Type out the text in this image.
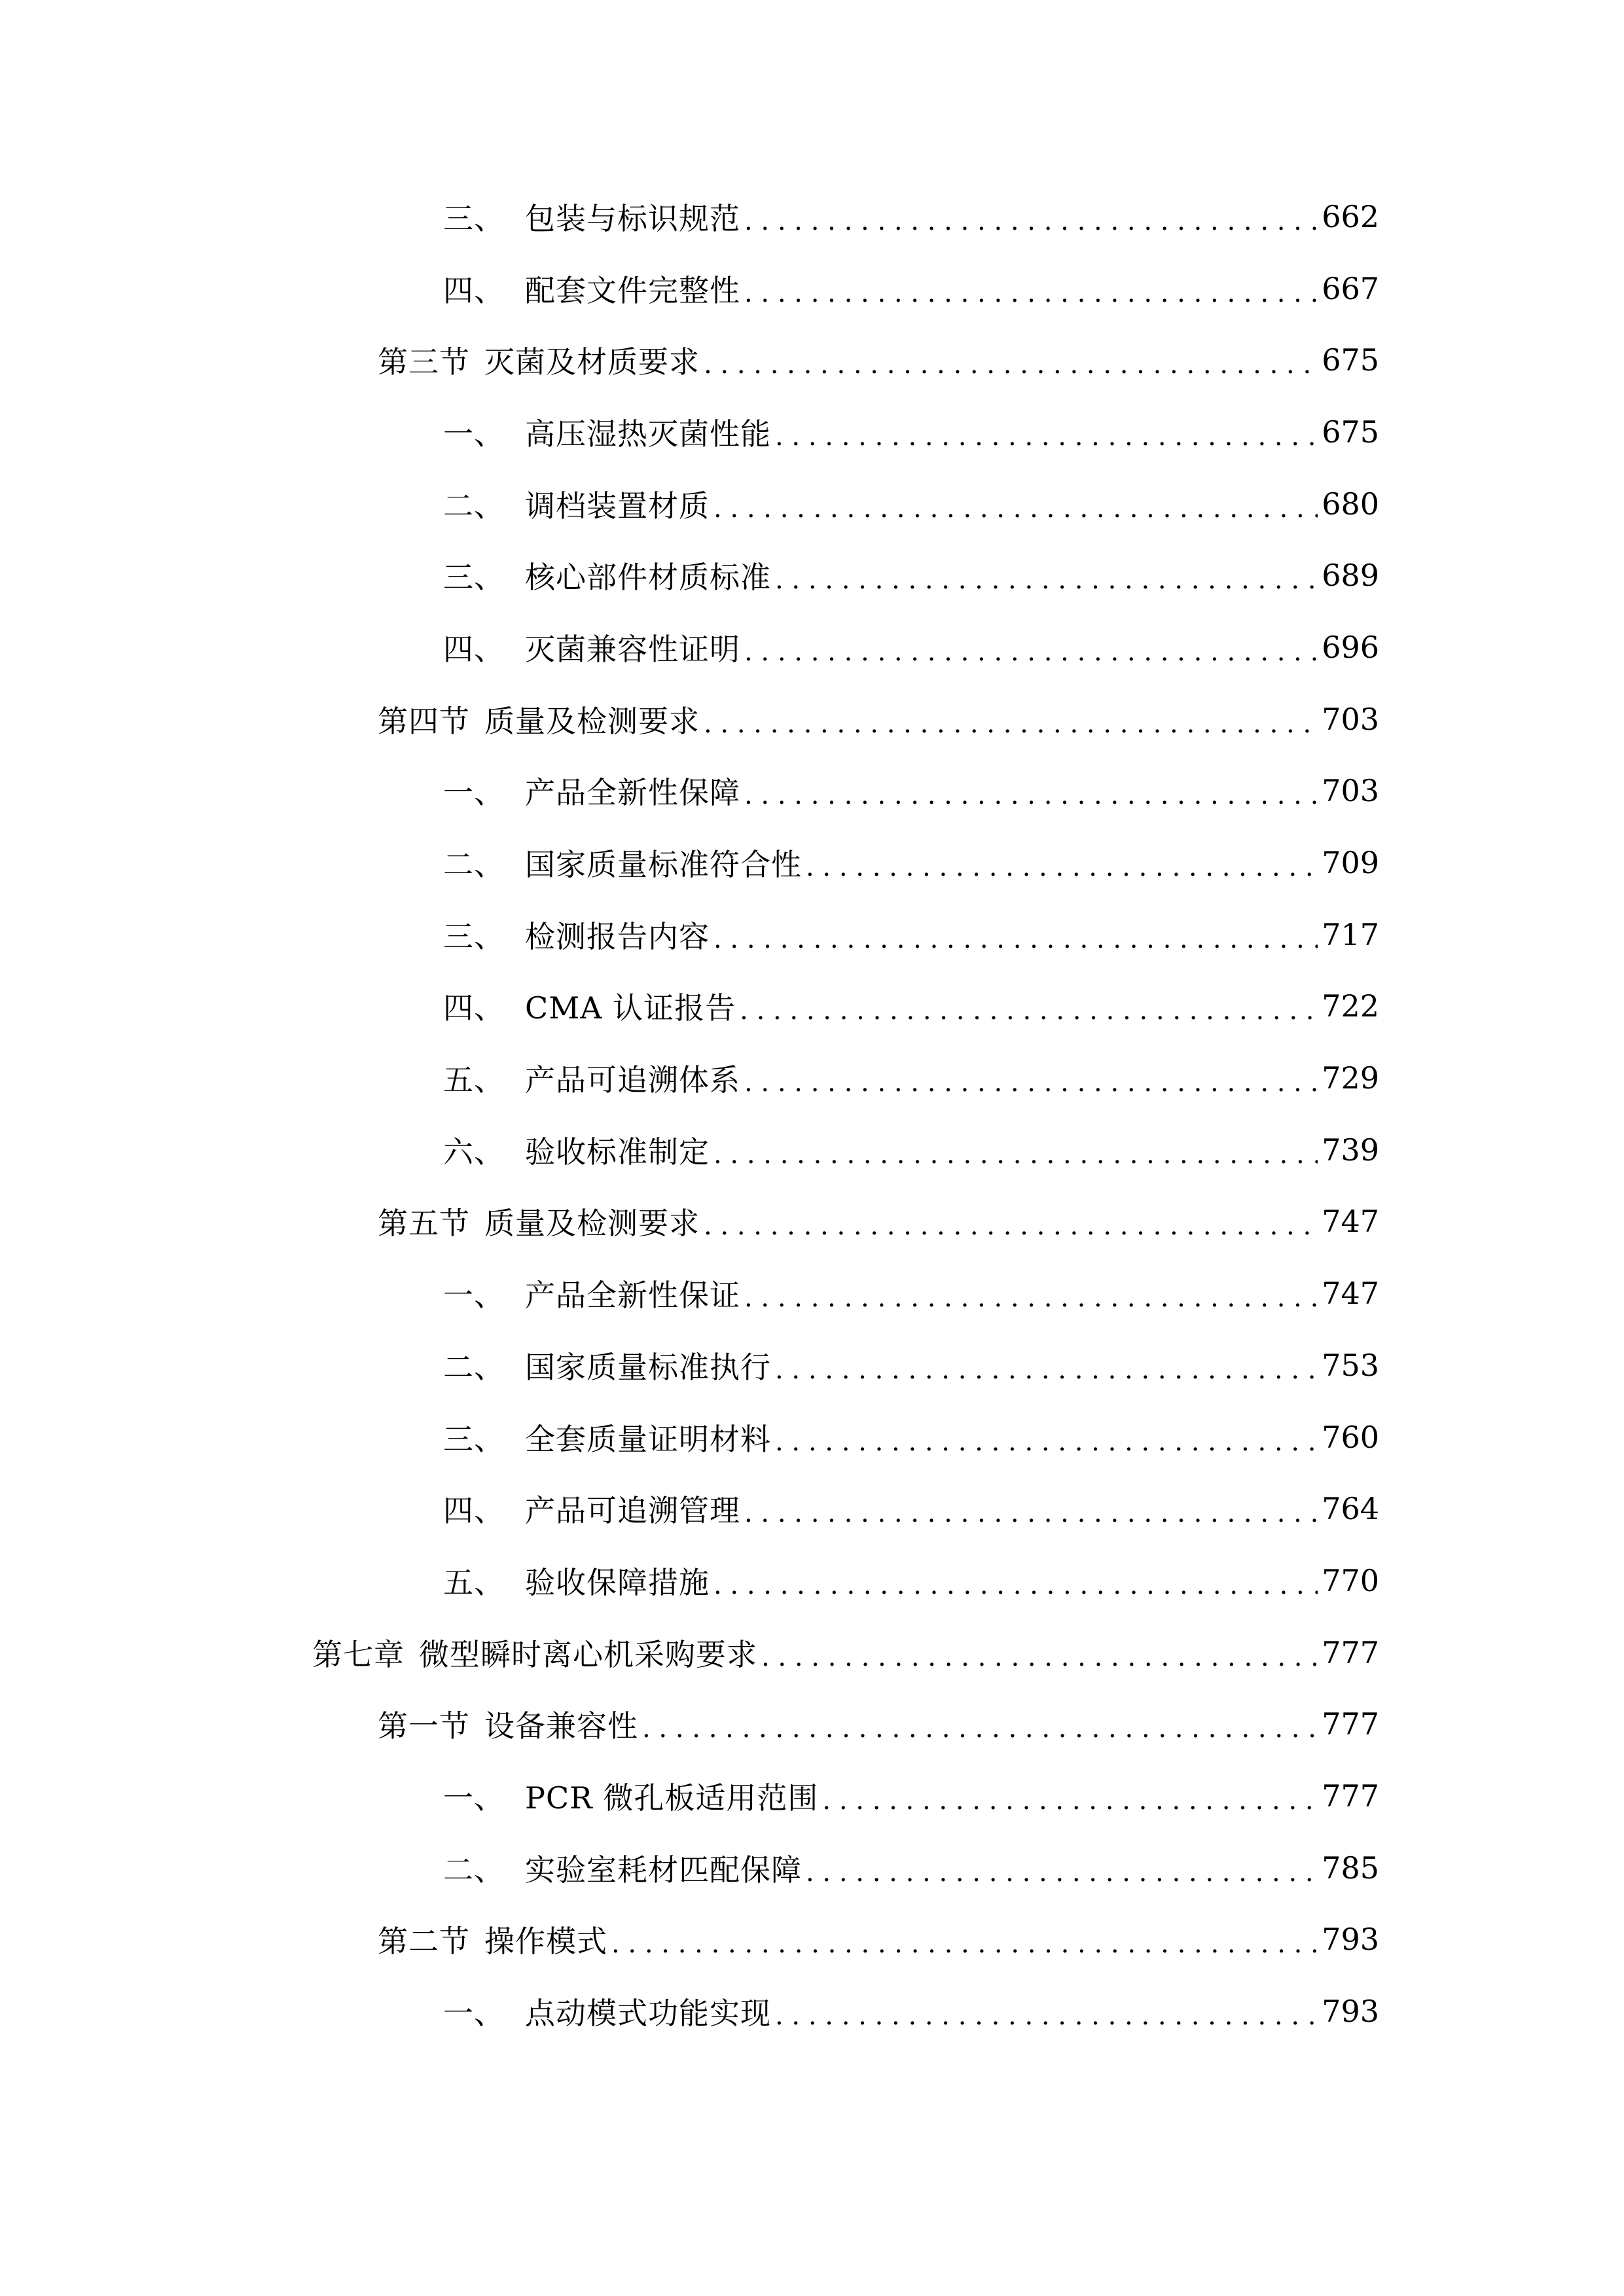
三、 包装与标识规范 . . .	662
四、 配套文件完整性 . . .	667
第三节 灭菌及材质要求 . . .	675
一、 高压湿热灭菌性能 . . .	675
二、 调档装置材质 . . .	680
三、 核心部件材质标准 . . .	689
四、 灭菌兼容性证明 . . .	696
第四节 质量及检测要求 . . .	703
一、 产品全新性保障 . . .	703
二、 国家质量标准符合性 . . .	709
三、 检测报告内容 . . .	717
四、 CMA 认证报告 . . .	722
五、 产品可追溯体系 . . .	729
六、 验收标准制定 . . .	739
第五节 质量及检测要求 . . .	747
一、 产品全新性保证 . . .	747
二、 国家质量标准执行 . . .	753
三、 全套质量证明材料 . . .	760
四、 产品可追溯管理 . . .	764
五、 验收保障措施 . . .	770
第七章 微型瞬时离心机采购要求 . . .	777
第一节 设备兼容性 . . .	777
一、 PCR 微孔板适用范围 . . .	777
二、 实验室耗材匹配保障 . . .	785
第二节 操作模式 . . .	793
一、 点动模式功能实现 . . .	793
